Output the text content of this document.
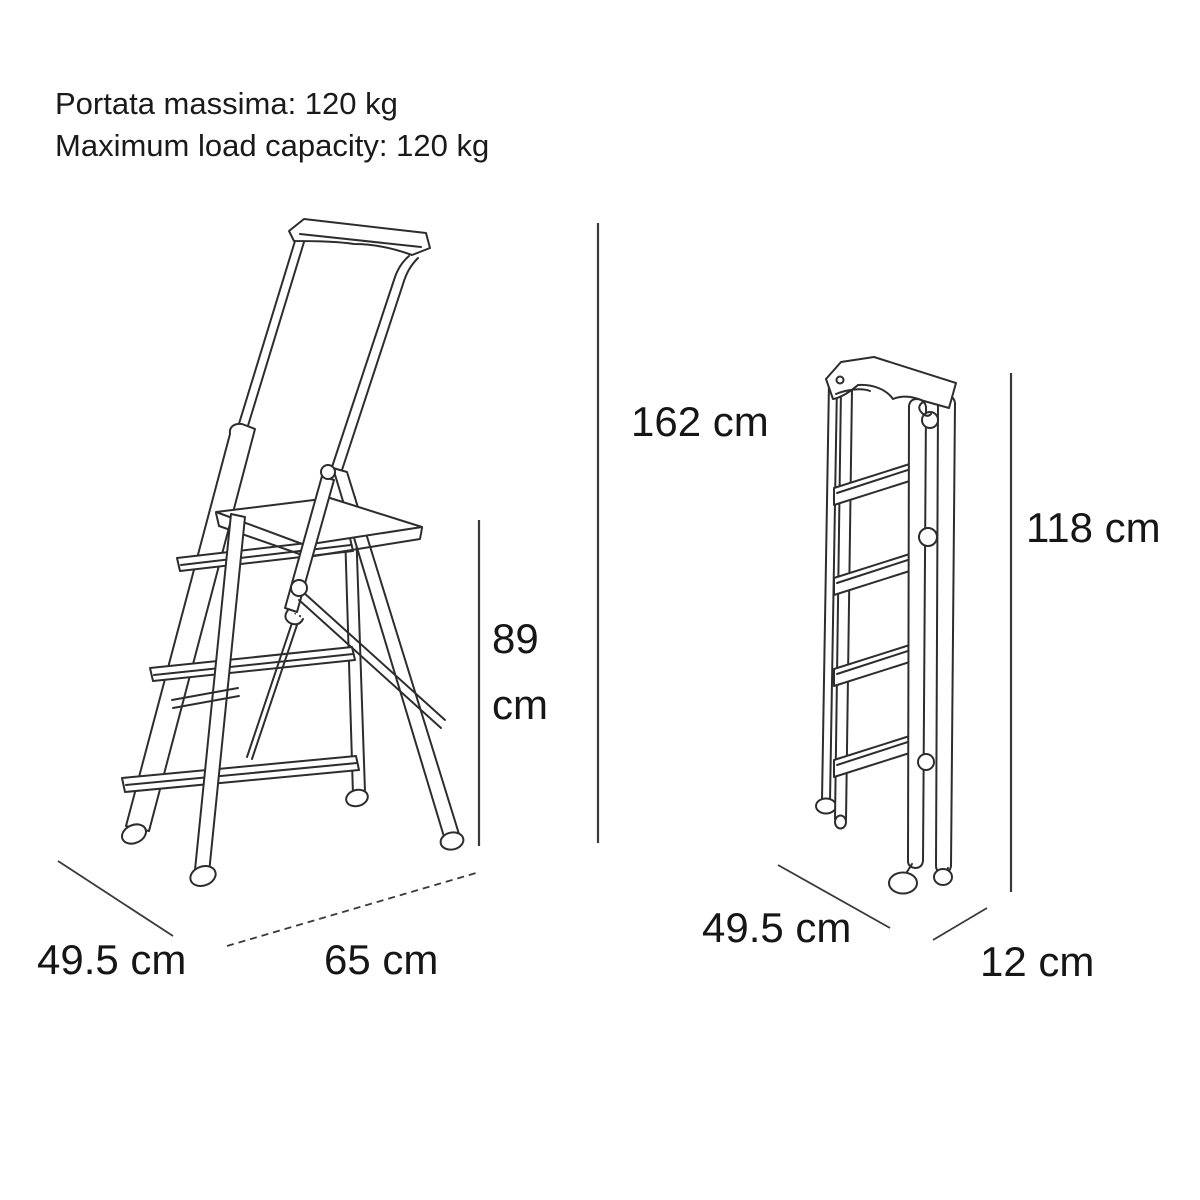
Portata massima: 120 kg
Maximum load capacity: 120 kg
162 cm
89
cm
49.5 cm	65 cm
118 cm
49.5 cm
12 cm
